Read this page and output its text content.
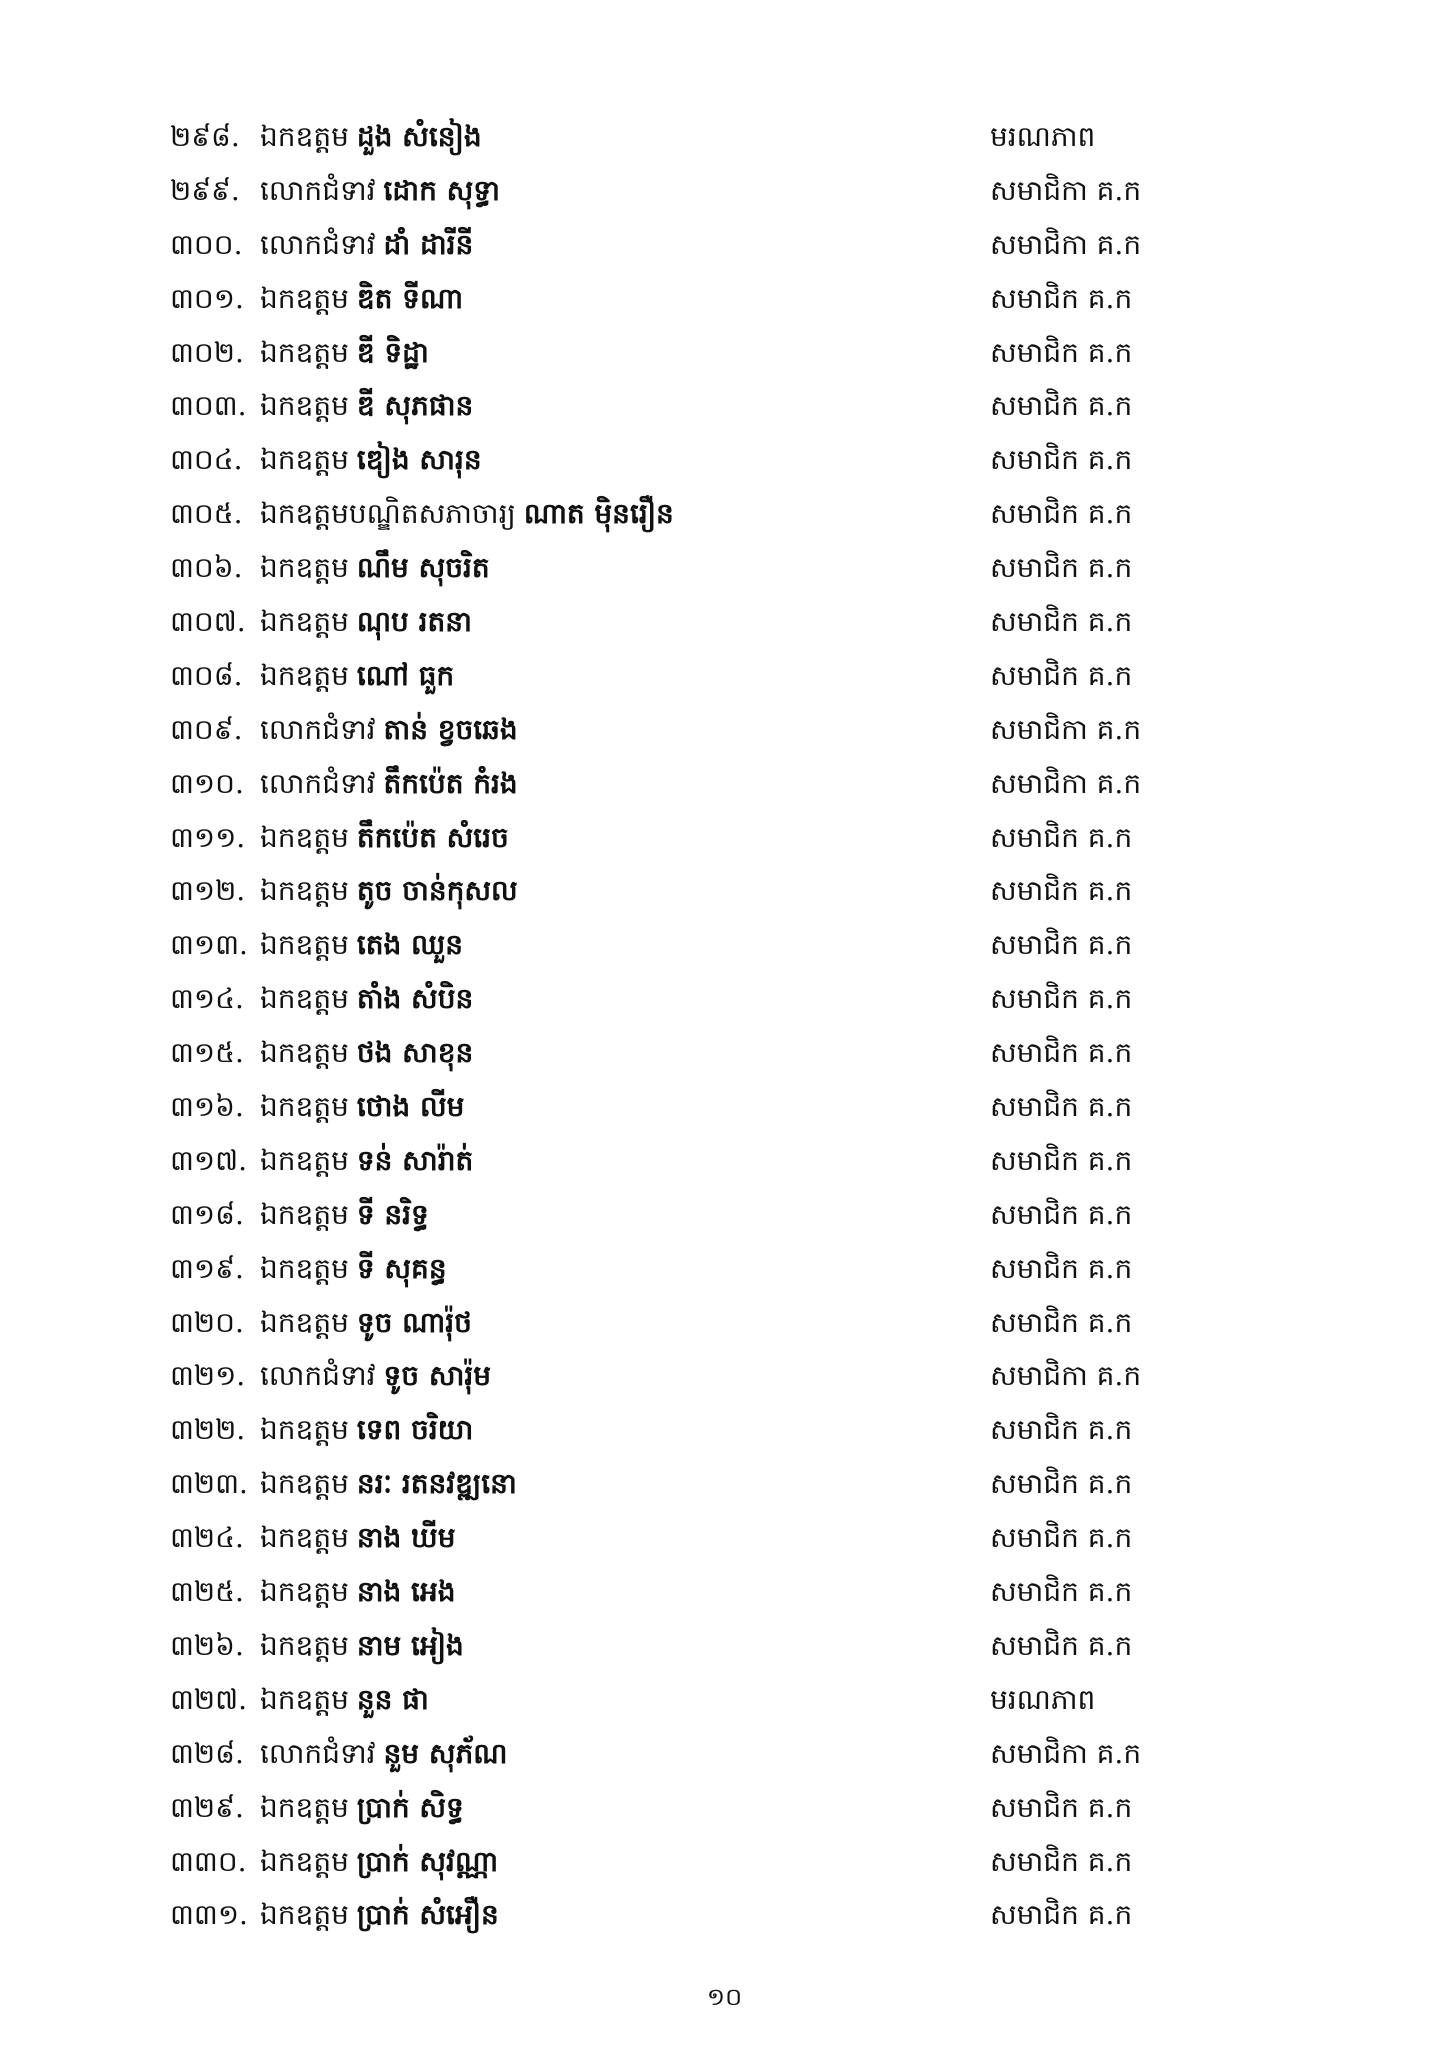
២៩៨. ឯកឧត្តម ដួង សំនៀង	មរណភាព
២៩៩. លោកជំទាវ ដោក សុទ្ធា	សមាជិកា គ.ក
៣០០. លោកជំទាវ ដាំ ដារីនី	សមាជិកា គ.ក
៣០១. ឯកឧត្តម ឌិត ទីណា	សមាជិក គ.ក
៣០២. ឯកឧត្តម ឌី ទិដ្ឋា	សមាជិក គ.ក
៣០៣. ឯកឧត្តម ឌី សុភផាន	សមាជិក គ.ក
៣០៤. ឯកឧត្តម ឌៀង សារុន	សមាជិក គ.ក
៣០៥. ឯកឧត្តមបណ្ឌិតសភាចារ្យ ណាត ម៉ិនរឿន	សមាជិក គ.ក
៣០៦. ឯកឧត្តម ណឹម សុចរិត	សមាជិក គ.ក
៣០៧. ឯកឧត្តម ណុប រតនា	សមាជិក គ.ក
៣០៨. ឯកឧត្តម ណៅ ធួក	សមាជិក គ.ក
៣០៩. លោកជំទាវ តាន់ ខ្វចឆេង	សមាជិកា គ.ក
៣១០. លោកជំទាវ តឹកប៉េត កំរង	សមាជិកា គ.ក
៣១១. ឯកឧត្តម តឹកប៉េត សំរេច	សមាជិក គ.ក
៣១២. ឯកឧត្តម តូច ចាន់កុសល	សមាជិក គ.ក
៣១៣. ឯកឧត្តម តេង ឈួន	សមាជិក គ.ក
៣១៤. ឯកឧត្តម តាំង សំបិន	សមាជិក គ.ក
៣១៥. ឯកឧត្តម ថង សាខុន	សមាជិក គ.ក
៣១៦. ឯកឧត្តម ថោង លីម	សមាជិក គ.ក
៣១៧. ឯកឧត្តម ទន់ សារ៉ាត់	សមាជិក គ.ក
៣១៨. ឯកឧត្តម ទី នរិទ្ធ	សមាជិក គ.ក
៣១៩. ឯកឧត្តម ទី សុគន្ធ	សមាជិក គ.ក
៣២០. ឯកឧត្តម ទូច ណារ៉ុថ	សមាជិក គ.ក
៣២១. លោកជំទាវ ទូច សារ៉ុម	សមាជិកា គ.ក
៣២២. ឯកឧត្តម ទេព ចរិយា	សមាជិក គ.ក
៣២៣. ឯកឧត្តម នរៈ រតនវឌ្ឍនោ	សមាជិក គ.ក
៣២៤. ឯកឧត្តម នាង ឃីម	សមាជិក គ.ក
៣២៥. ឯកឧត្តម នាង អេង	សមាជិក គ.ក
៣២៦. ឯកឧត្តម នាម អៀង	សមាជិក គ.ក
៣២៧. ឯកឧត្តម នួន ផា	មរណភាព
៣២៨. លោកជំទាវ នួម សុភ័ណ	សមាជិកា គ.ក
៣២៩. ឯកឧត្តម ប្រាក់ សិទ្ធ	សមាជិក គ.ក
៣៣០. ឯកឧត្តម ប្រាក់ សុវណ្ណា	សមាជិក គ.ក
៣៣១. ឯកឧត្តម ប្រាក់ សំអឿន	សមាជិក គ.ក
១០
